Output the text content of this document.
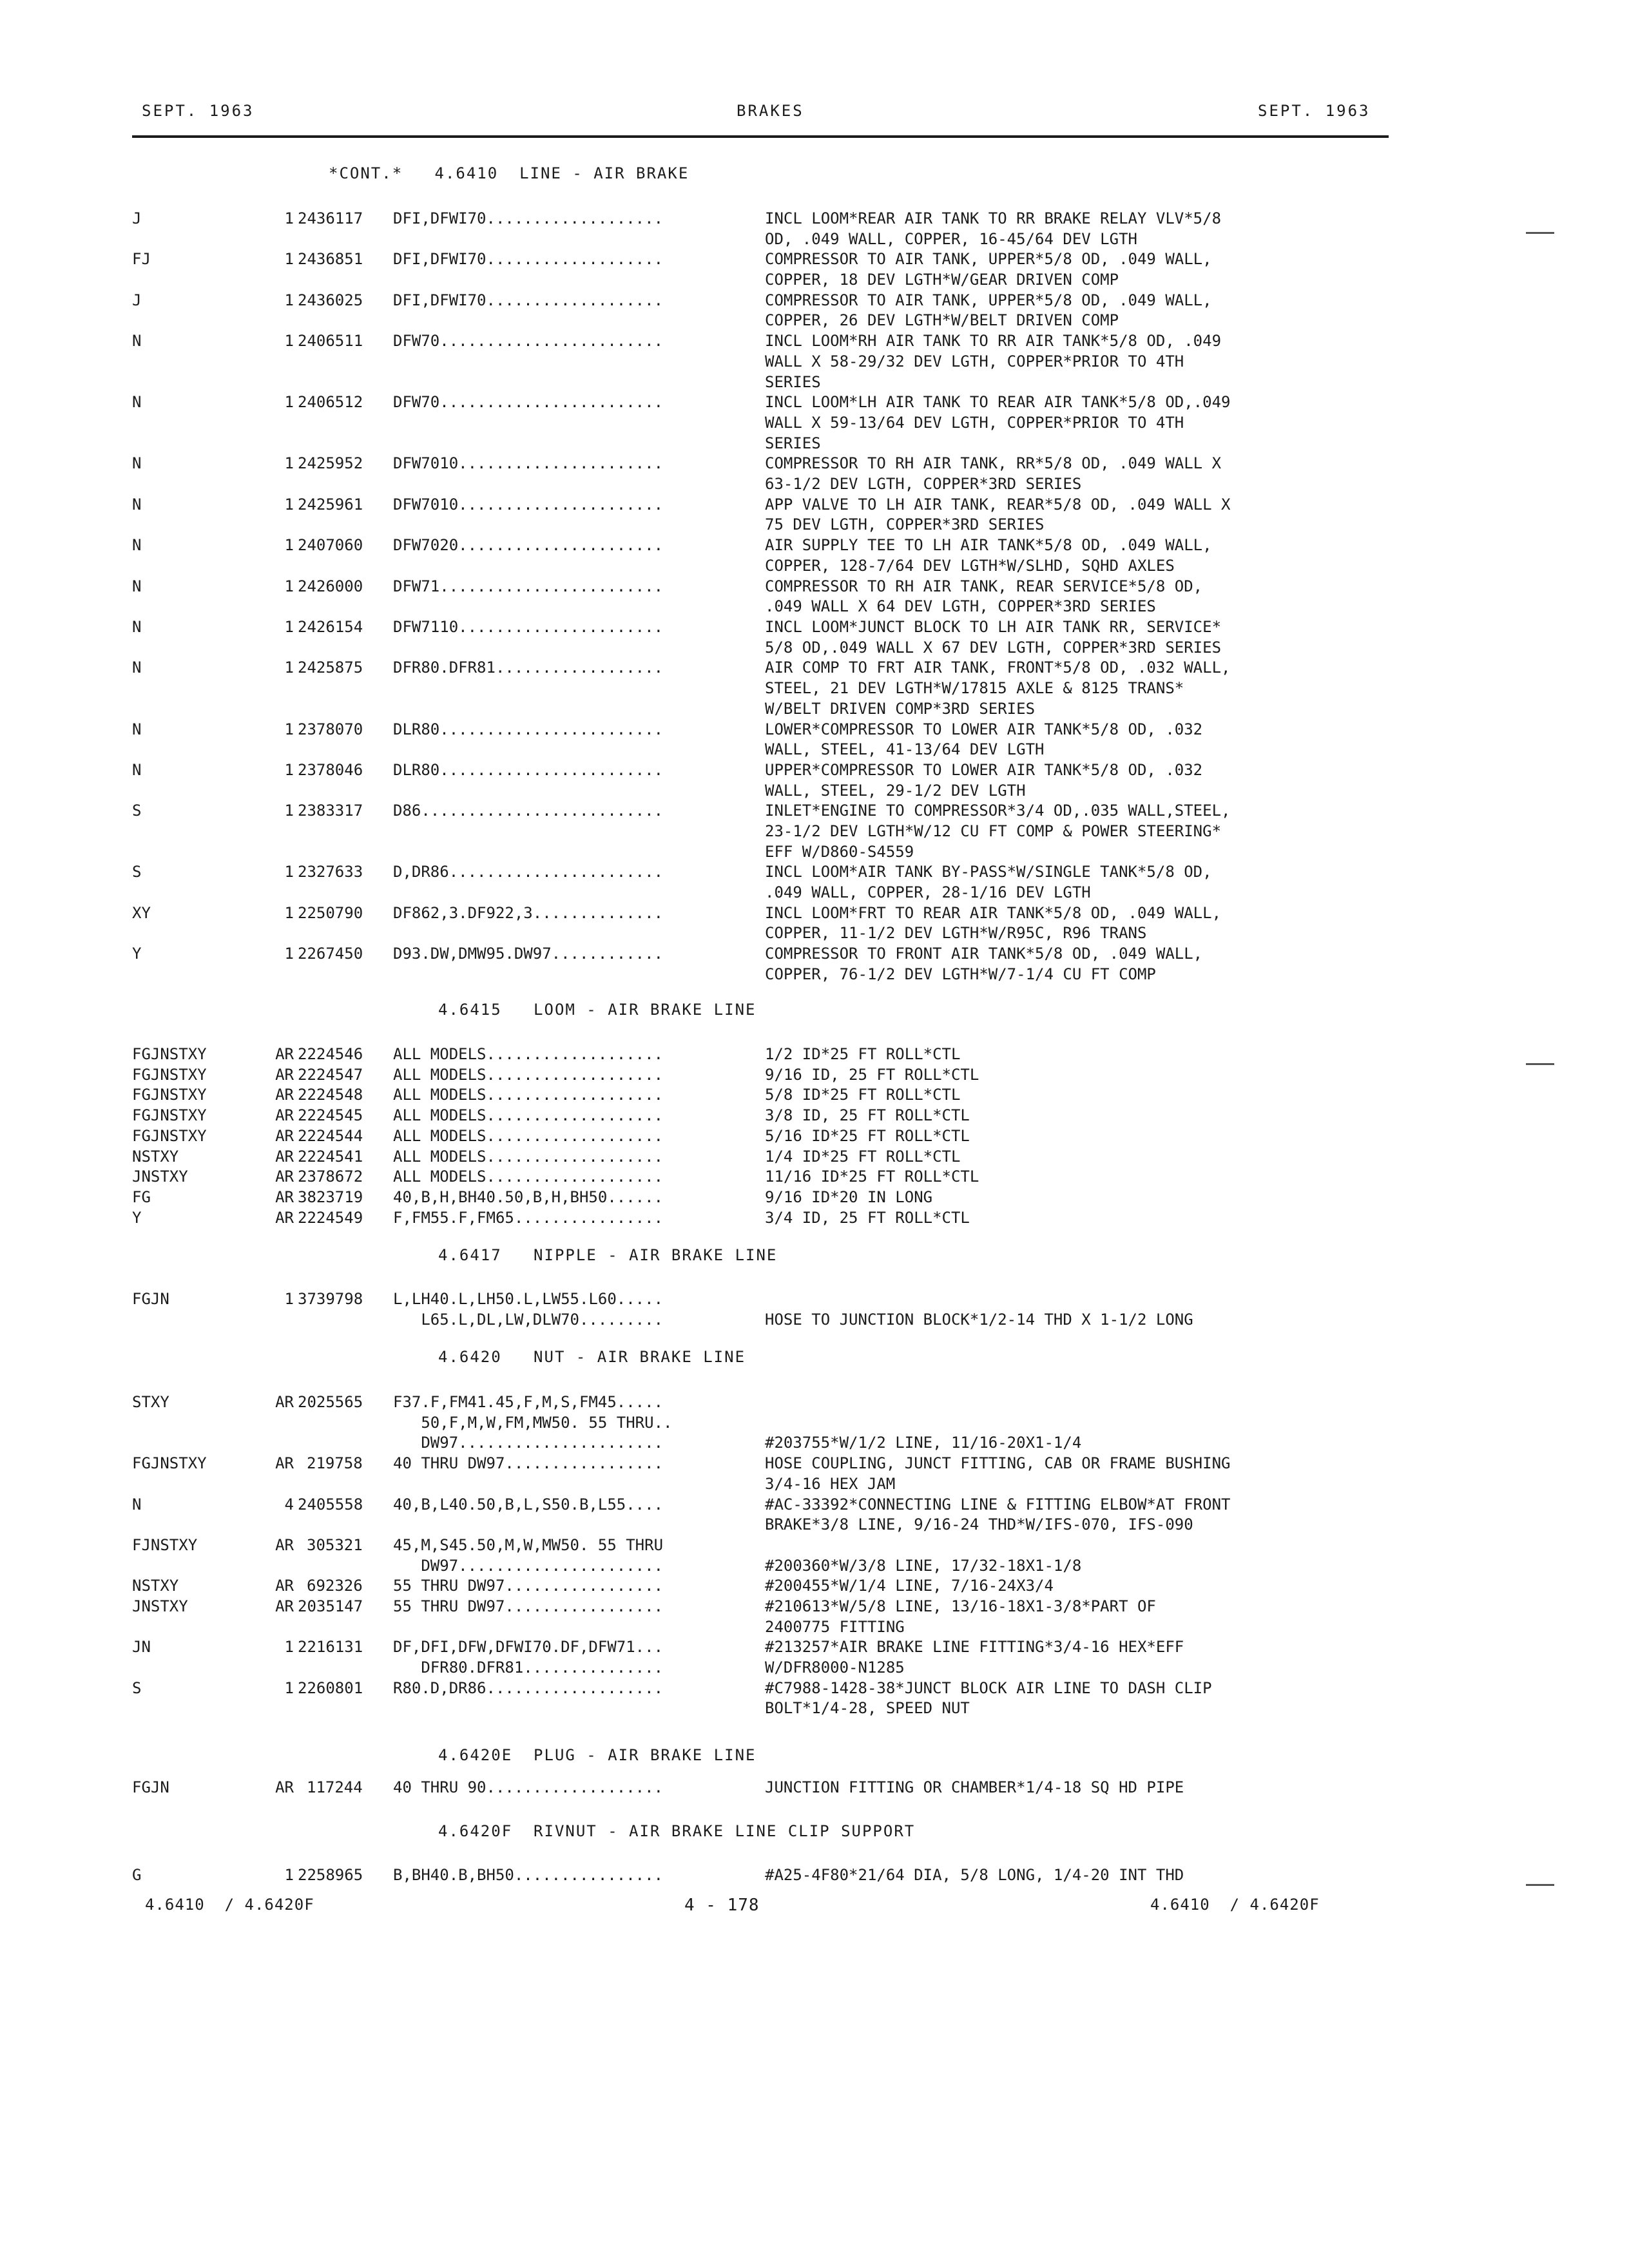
SEPT. 1963	BRAKES	SEPT. 1963
*CONT.*   4.6410  LINE - AIR BRAKE
J	1 2436117 DFI,DFWI70...................	INCL LOOM*REAR AIR TANK TO RR BRAKE RELAY VLV*5/8
OD, .049 WALL, COPPER, 16-45/64 DEV LGTH
FJ	1 2436851 DFI,DFWI70...................	COMPRESSOR TO AIR TANK, UPPER*5/8 OD, .049 WALL,
COPPER, 18 DEV LGTH*W/GEAR DRIVEN COMP
J	1 2436025 DFI,DFWI70...................	COMPRESSOR TO AIR TANK, UPPER*5/8 OD, .049 WALL,
COPPER, 26 DEV LGTH*W/BELT DRIVEN COMP
N	1 2406511 DFW70........................	INCL LOOM*RH AIR TANK TO RR AIR TANK*5/8 OD, .049
WALL X 58-29/32 DEV LGTH, COPPER*PRIOR TO 4TH
SERIES
N	1 2406512 DFW70........................	INCL LOOM*LH AIR TANK TO REAR AIR TANK*5/8 OD,.049
WALL X 59-13/64 DEV LGTH, COPPER*PRIOR TO 4TH
SERIES
N	1 2425952 DFW7010......................	COMPRESSOR TO RH AIR TANK, RR*5/8 OD, .049 WALL X
63-1/2 DEV LGTH, COPPER*3RD SERIES
N	1 2425961 DFW7010......................	APP VALVE TO LH AIR TANK, REAR*5/8 OD, .049 WALL X
75 DEV LGTH, COPPER*3RD SERIES
N	1 2407060 DFW7020......................	AIR SUPPLY TEE TO LH AIR TANK*5/8 OD, .049 WALL,
COPPER, 128-7/64 DEV LGTH*W/SLHD, SQHD AXLES
N	1 2426000 DFW71........................	COMPRESSOR TO RH AIR TANK, REAR SERVICE*5/8 OD,
.049 WALL X 64 DEV LGTH, COPPER*3RD SERIES
N	1 2426154 DFW7110......................	INCL LOOM*JUNCT BLOCK TO LH AIR TANK RR, SERVICE*
5/8 OD,.049 WALL X 67 DEV LGTH, COPPER*3RD SERIES
N	1 2425875 DFR80.DFR81..................	AIR COMP TO FRT AIR TANK, FRONT*5/8 OD, .032 WALL,
STEEL, 21 DEV LGTH*W/17815 AXLE & 8125 TRANS*
W/BELT DRIVEN COMP*3RD SERIES
N	1 2378070 DLR80........................	LOWER*COMPRESSOR TO LOWER AIR TANK*5/8 OD, .032
WALL, STEEL, 41-13/64 DEV LGTH
N	1 2378046 DLR80........................	UPPER*COMPRESSOR TO LOWER AIR TANK*5/8 OD, .032
WALL, STEEL, 29-1/2 DEV LGTH
S	1 2383317 D86..........................	INLET*ENGINE TO COMPRESSOR*3/4 OD,.035 WALL,STEEL,
23-1/2 DEV LGTH*W/12 CU FT COMP & POWER STEERING*
EFF W/D860-S4559
S	1 2327633 D,DR86.......................	INCL LOOM*AIR TANK BY-PASS*W/SINGLE TANK*5/8 OD,
.049 WALL, COPPER, 28-1/16 DEV LGTH
XY	1 2250790 DF862,3.DF922,3..............	INCL LOOM*FRT TO REAR AIR TANK*5/8 OD, .049 WALL,
COPPER, 11-1/2 DEV LGTH*W/R95C, R96 TRANS
Y	1 2267450 D93.DW,DMW95.DW97............	COMPRESSOR TO FRONT AIR TANK*5/8 OD, .049 WALL,
COPPER, 76-1/2 DEV LGTH*W/7-1/4 CU FT COMP
4.6415   LOOM - AIR BRAKE LINE
FGJNSTXY	AR 2224546 ALL MODELS...................	1/2 ID*25 FT ROLL*CTL
FGJNSTXY	AR 2224547 ALL MODELS...................	9/16 ID, 25 FT ROLL*CTL
FGJNSTXY	AR 2224548 ALL MODELS...................	5/8 ID*25 FT ROLL*CTL
FGJNSTXY	AR 2224545 ALL MODELS...................	3/8 ID, 25 FT ROLL*CTL
FGJNSTXY	AR 2224544 ALL MODELS...................	5/16 ID*25 FT ROLL*CTL
NSTXY	AR 2224541 ALL MODELS...................	1/4 ID*25 FT ROLL*CTL
JNSTXY	AR 2378672 ALL MODELS...................	11/16 ID*25 FT ROLL*CTL
FG	AR 3823719 40,B,H,BH40.50,B,H,BH50......	9/16 ID*20 IN LONG
Y	AR 2224549 F,FM55.F,FM65................	3/4 ID, 25 FT ROLL*CTL
4.6417   NIPPLE - AIR BRAKE LINE
FGJN	1 3739798 L,LH40.L,LH50.L,LW55.L60.....
L65.L,DL,LW,DLW70.........	HOSE TO JUNCTION BLOCK*1/2-14 THD X 1-1/2 LONG
4.6420   NUT - AIR BRAKE LINE
STXY	AR 2025565 F37.F,FM41.45,F,M,S,FM45.....
50,F,M,W,FM,MW50. 55 THRU..
DW97......................	#203755*W/1/2 LINE, 11/16-20X1-1/4
FGJNSTXY	AR 219758 40 THRU DW97.................	HOSE COUPLING, JUNCT FITTING, CAB OR FRAME BUSHING
3/4-16 HEX JAM
N	4 2405558 40,B,L40.50,B,L,S50.B,L55....	#AC-33392*CONNECTING LINE & FITTING ELBOW*AT FRONT
BRAKE*3/8 LINE, 9/16-24 THD*W/IFS-070, IFS-090
FJNSTXY	AR 305321 45,M,S45.50,M,W,MW50. 55 THRU
DW97......................	#200360*W/3/8 LINE, 17/32-18X1-1/8
NSTXY	AR 692326 55 THRU DW97.................	#200455*W/1/4 LINE, 7/16-24X3/4
JNSTXY	AR 2035147 55 THRU DW97.................	#210613*W/5/8 LINE, 13/16-18X1-3/8*PART OF
2400775 FITTING
JN	1 2216131 DF,DFI,DFW,DFWI70.DF,DFW71...	#213257*AIR BRAKE LINE FITTING*3/4-16 HEX*EFF
DFR80.DFR81...............	W/DFR8000-N1285
S	1 2260801 R80.D,DR86...................	#C7988-1428-38*JUNCT BLOCK AIR LINE TO DASH CLIP
BOLT*1/4-28, SPEED NUT
4.6420E  PLUG - AIR BRAKE LINE
FGJN	AR 117244 40 THRU 90...................	JUNCTION FITTING OR CHAMBER*1/4-18 SQ HD PIPE
4.6420F  RIVNUT - AIR BRAKE LINE CLIP SUPPORT
G	1 2258965 B,BH40.B,BH50................	#A25-4F80*21/64 DIA, 5/8 LONG, 1/4-20 INT THD
4.6410  / 4.6420F	4 - 178	4.6410  / 4.6420F
